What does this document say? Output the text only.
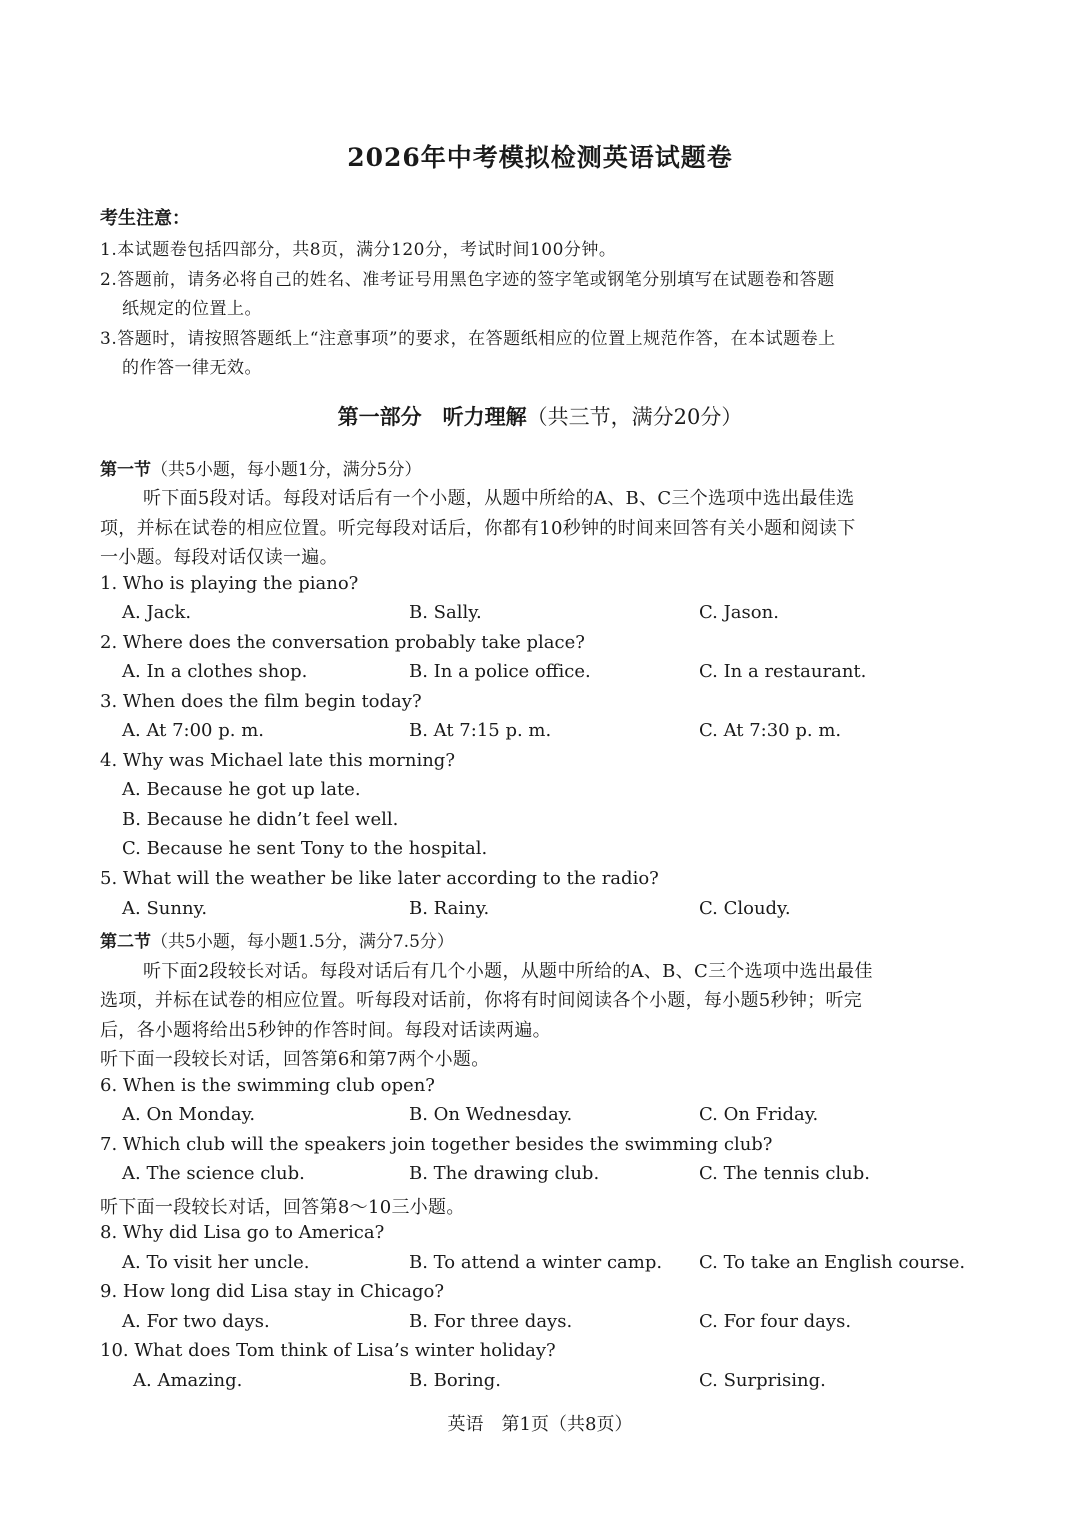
2026年中考模拟检测英语试题卷
考生注意：
1.本试题卷包括四部分，共8页，满分120分，考试时间100分钟。
2.答题前，请务必将自己的姓名、准考证号用黑色字迹的签字笔或钢笔分别填写在试题卷和答题
纸规定的位置上。
3.答题时，请按照答题纸上“注意事项”的要求，在答题纸相应的位置上规范作答，在本试题卷上
的作答一律无效。
第一部分　听力理解（共三节，满分20分）
第一节（共5小题，每小题1分，满分5分）
听下面5段对话。每段对话后有一个小题，从题中所给的A、B、C三个选项中选出最佳选
项，并标在试卷的相应位置。听完每段对话后，你都有10秒钟的时间来回答有关小题和阅读下
一小题。每段对话仅读一遍。
1. Who is playing the piano?
A. Jack.	B. Sally.	C. Jason.
2. Where does the conversation probably take place?
A. In a clothes shop.	B. In a police office.	C. In a restaurant.
3. When does the film begin today?
A. At 7:00 p. m.	B. At 7:15 p. m.	C. At 7:30 p. m.
4. Why was Michael late this morning?
A. Because he got up late.
B. Because he didn’t feel well.
C. Because he sent Tony to the hospital.
5. What will the weather be like later according to the radio?
A. Sunny.	B. Rainy.	C. Cloudy.
第二节（共5小题，每小题1.5分，满分7.5分）
听下面2段较长对话。每段对话后有几个小题，从题中所给的A、B、C三个选项中选出最佳
选项，并标在试卷的相应位置。听每段对话前，你将有时间阅读各个小题，每小题5秒钟；听完
后，各小题将给出5秒钟的作答时间。每段对话读两遍。
听下面一段较长对话，回答第6和第7两个小题。
6. When is the swimming club open?
A. On Monday.	B. On Wednesday.	C. On Friday.
7. Which club will the speakers join together besides the swimming club?
A. The science club.	B. The drawing club.	C. The tennis club.
听下面一段较长对话，回答第8～10三小题。
8. Why did Lisa go to America?
A. To visit her uncle.	B. To attend a winter camp. C. To take an English course.
9. How long did Lisa stay in Chicago?
A. For two days.	B. For three days.	C. For four days.
10. What does Tom think of Lisa’s winter holiday?
A. Amazing.	B. Boring.	C. Surprising.
英语　第1页（共8页）
